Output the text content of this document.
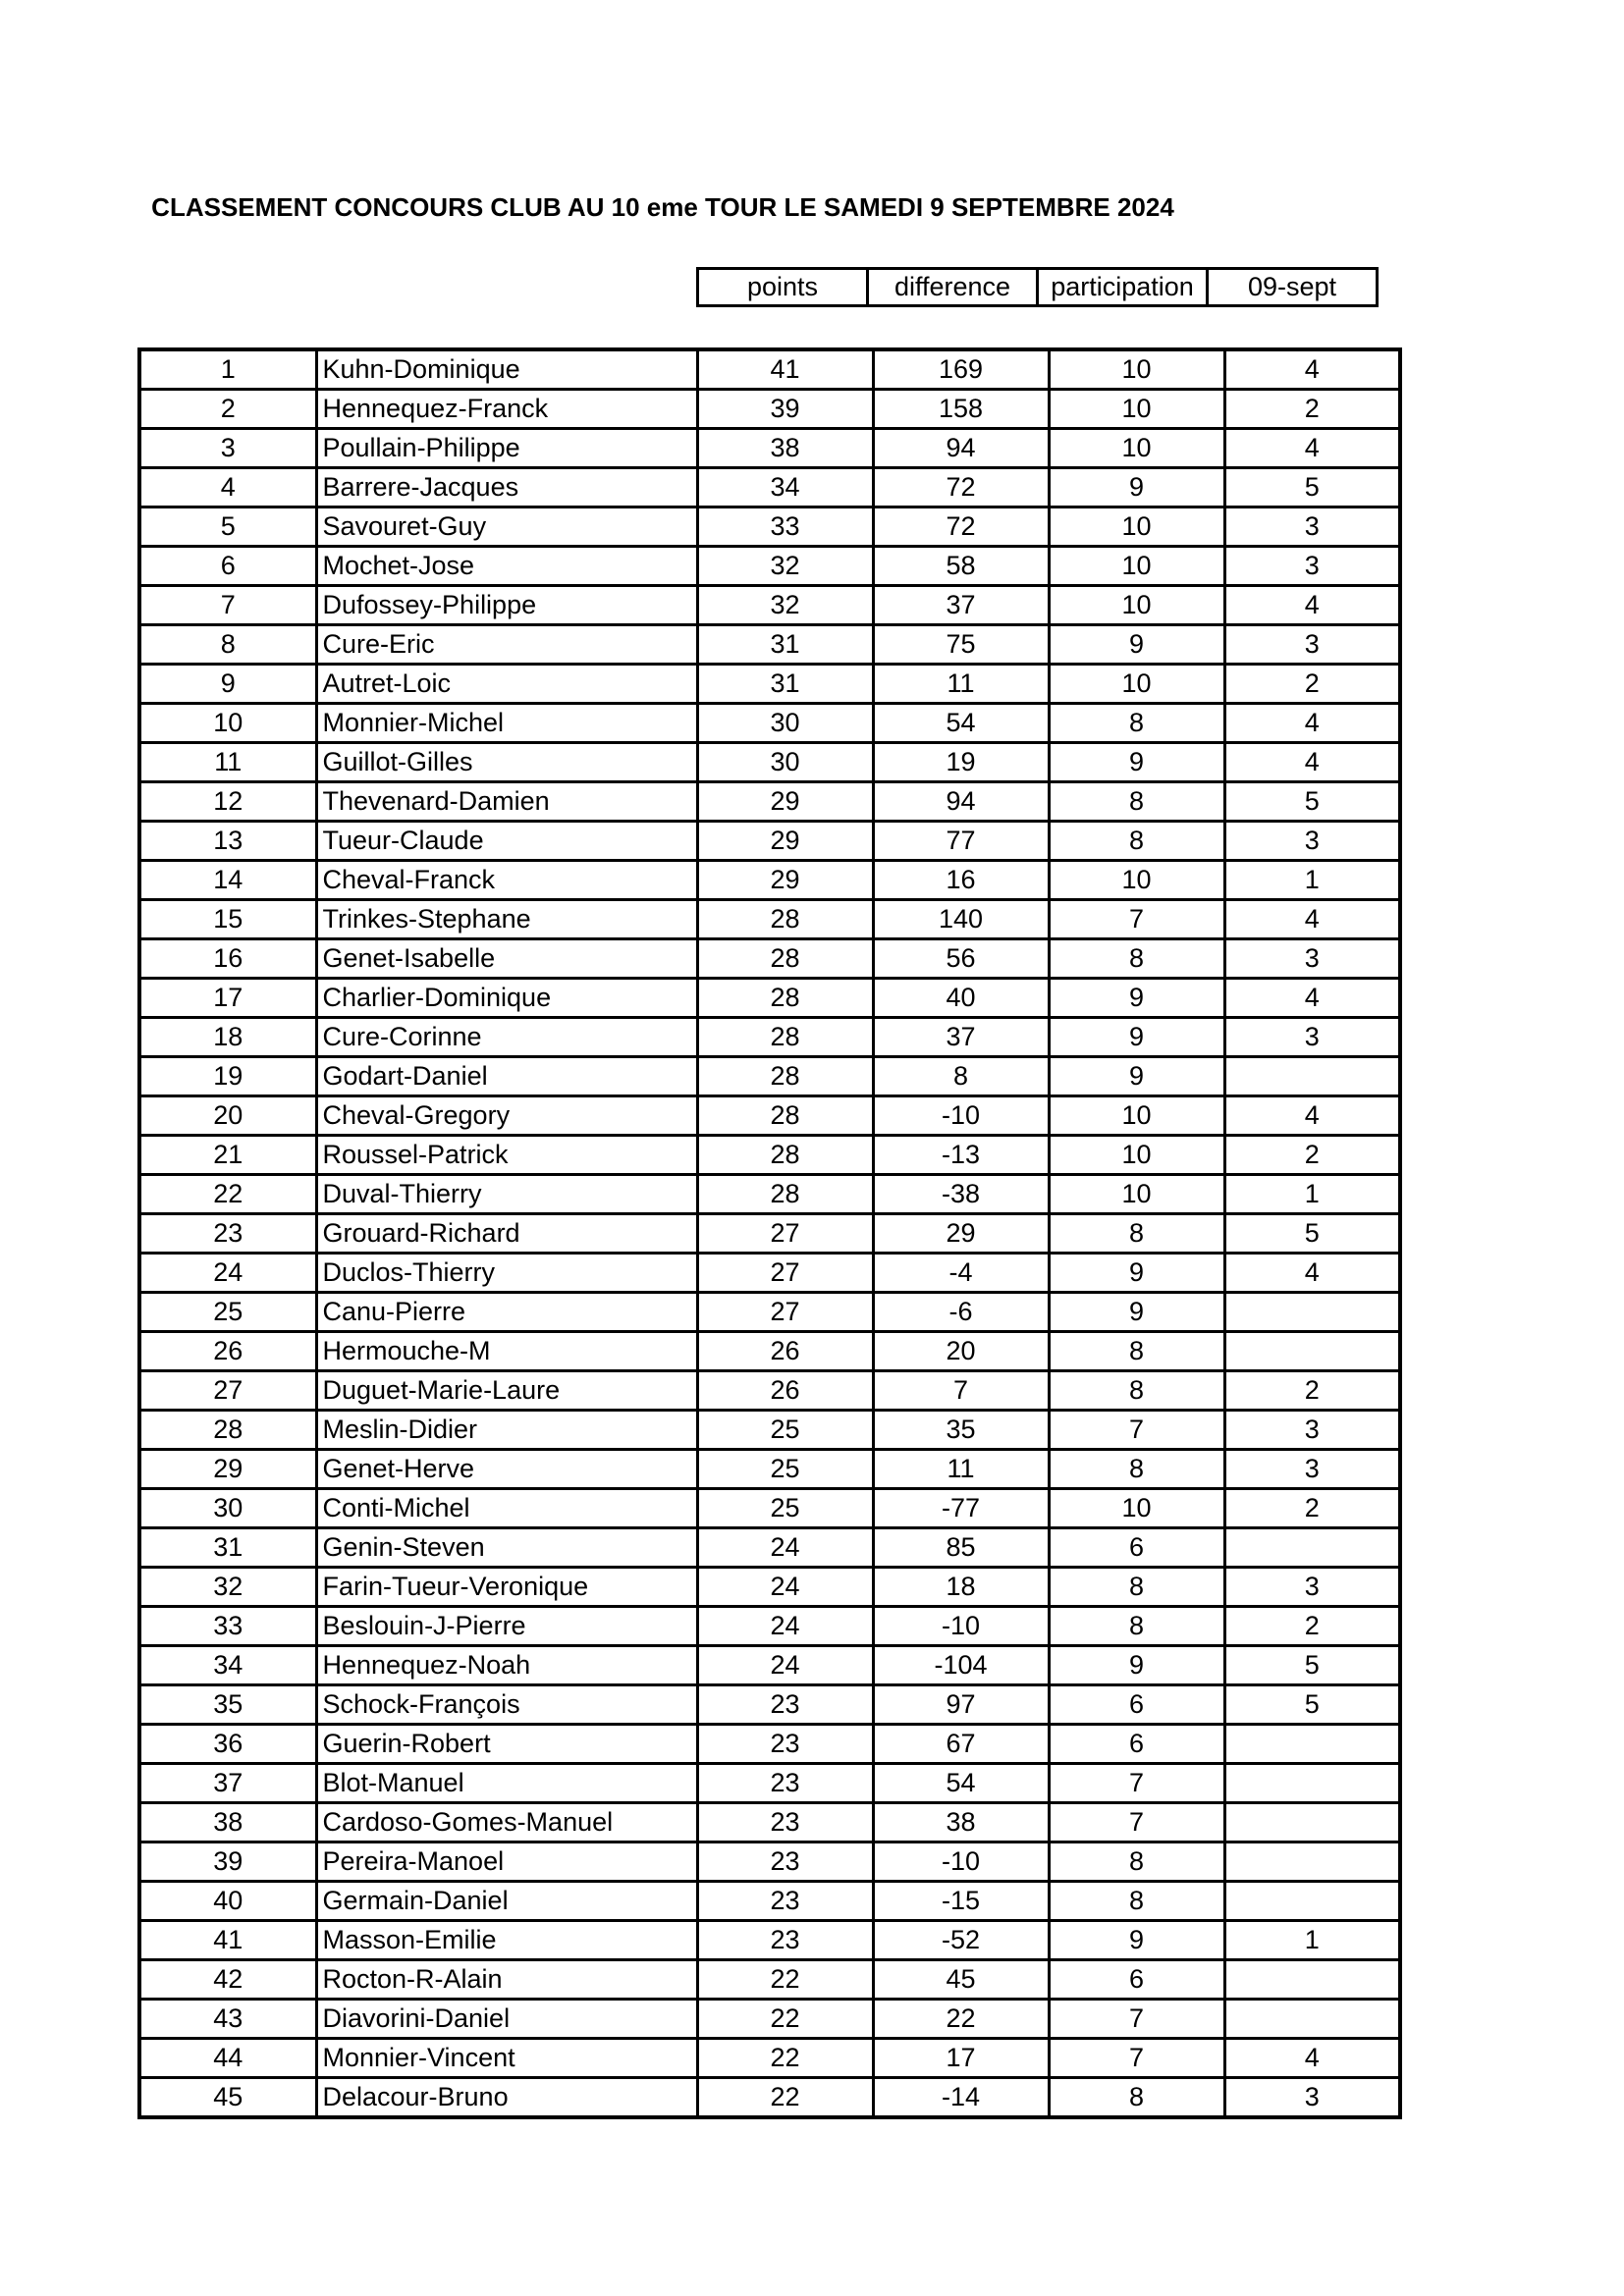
CLASSEMENT CONCOURS CLUB AU 10 eme TOUR LE SAMEDI 9 SEPTEMBRE 2024
points	difference	participation	09-sept
1	Kuhn-Dominique	41	169	10	4
2	Hennequez-Franck	39	158	10	2
3	Poullain-Philippe	38	94	10	4
4	Barrere-Jacques	34	72	9	5
5	Savouret-Guy	33	72	10	3
6	Mochet-Jose	32	58	10	3
7	Dufossey-Philippe	32	37	10	4
8	Cure-Eric	31	75	9	3
9	Autret-Loic	31	11	10	2
10	Monnier-Michel	30	54	8	4
11	Guillot-Gilles	30	19	9	4
12	Thevenard-Damien	29	94	8	5
13	Tueur-Claude	29	77	8	3
14	Cheval-Franck	29	16	10	1
15	Trinkes-Stephane	28	140	7	4
16	Genet-Isabelle	28	56	8	3
17	Charlier-Dominique	28	40	9	4
18	Cure-Corinne	28	37	9	3
19	Godart-Daniel	28	8	9	
20	Cheval-Gregory	28	-10	10	4
21	Roussel-Patrick	28	-13	10	2
22	Duval-Thierry	28	-38	10	1
23	Grouard-Richard	27	29	8	5
24	Duclos-Thierry	27	-4	9	4
25	Canu-Pierre	27	-6	9	
26	Hermouche-M	26	20	8	
27	Duguet-Marie-Laure	26	7	8	2
28	Meslin-Didier	25	35	7	3
29	Genet-Herve	25	11	8	3
30	Conti-Michel	25	-77	10	2
31	Genin-Steven	24	85	6	
32	Farin-Tueur-Veronique	24	18	8	3
33	Beslouin-J-Pierre	24	-10	8	2
34	Hennequez-Noah	24	-104	9	5
35	Schock-François	23	97	6	5
36	Guerin-Robert	23	67	6	
37	Blot-Manuel	23	54	7	
38	Cardoso-Gomes-Manuel	23	38	7	
39	Pereira-Manoel	23	-10	8	
40	Germain-Daniel	23	-15	8	
41	Masson-Emilie	23	-52	9	1
42	Rocton-R-Alain	22	45	6	
43	Diavorini-Daniel	22	22	7	
44	Monnier-Vincent	22	17	7	4
45	Delacour-Bruno	22	-14	8	3
